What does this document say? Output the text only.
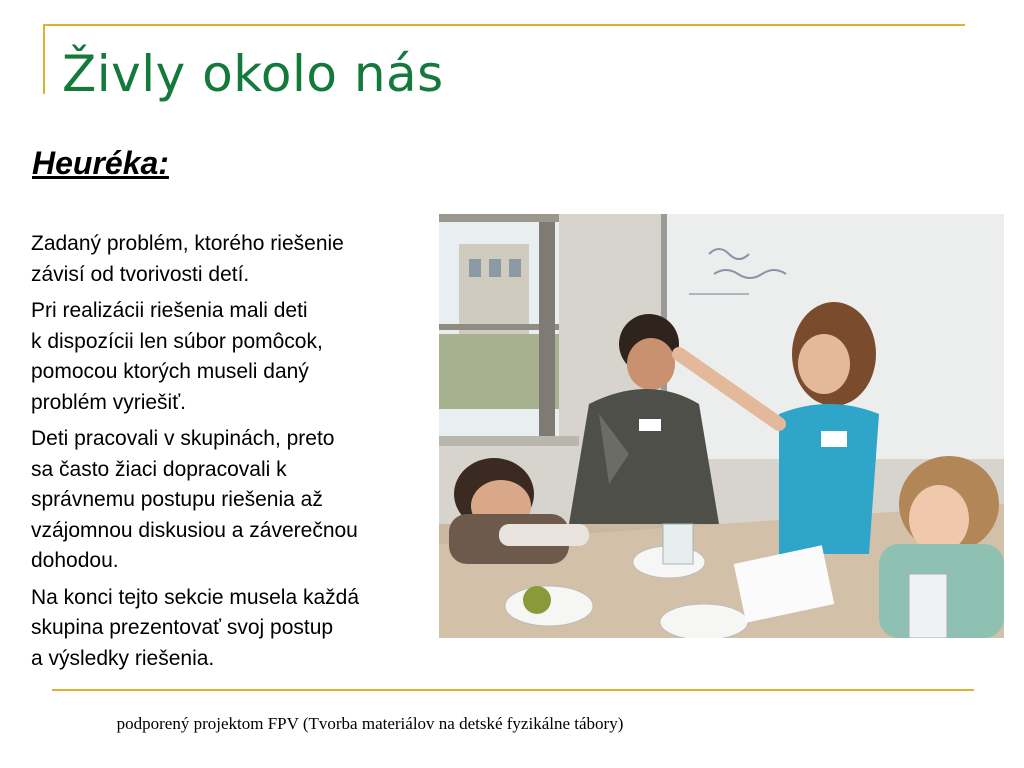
Živly okolo nás
Heuréka:

Zadaný problém, ktorého riešenie
závisí od tvorivosti detí.

Pri realizácii riešenia mali deti
k dispozícii len súbor pomôcok,
pomocou ktorých museli daný
problém vyriešiť.

Deti pracovali v skupinách, preto
sa často žiaci dopracovali k
správnemu postupu riešenia až
vzájomnou diskusiou a záverečnou
dohodou.

Na konci tejto sekcie musela každá
skupina prezentovať svoj postup
a výsledky riešenia.

podporený projektom FPV (Tvorba materiálov na detské fyzikálne tábory)
